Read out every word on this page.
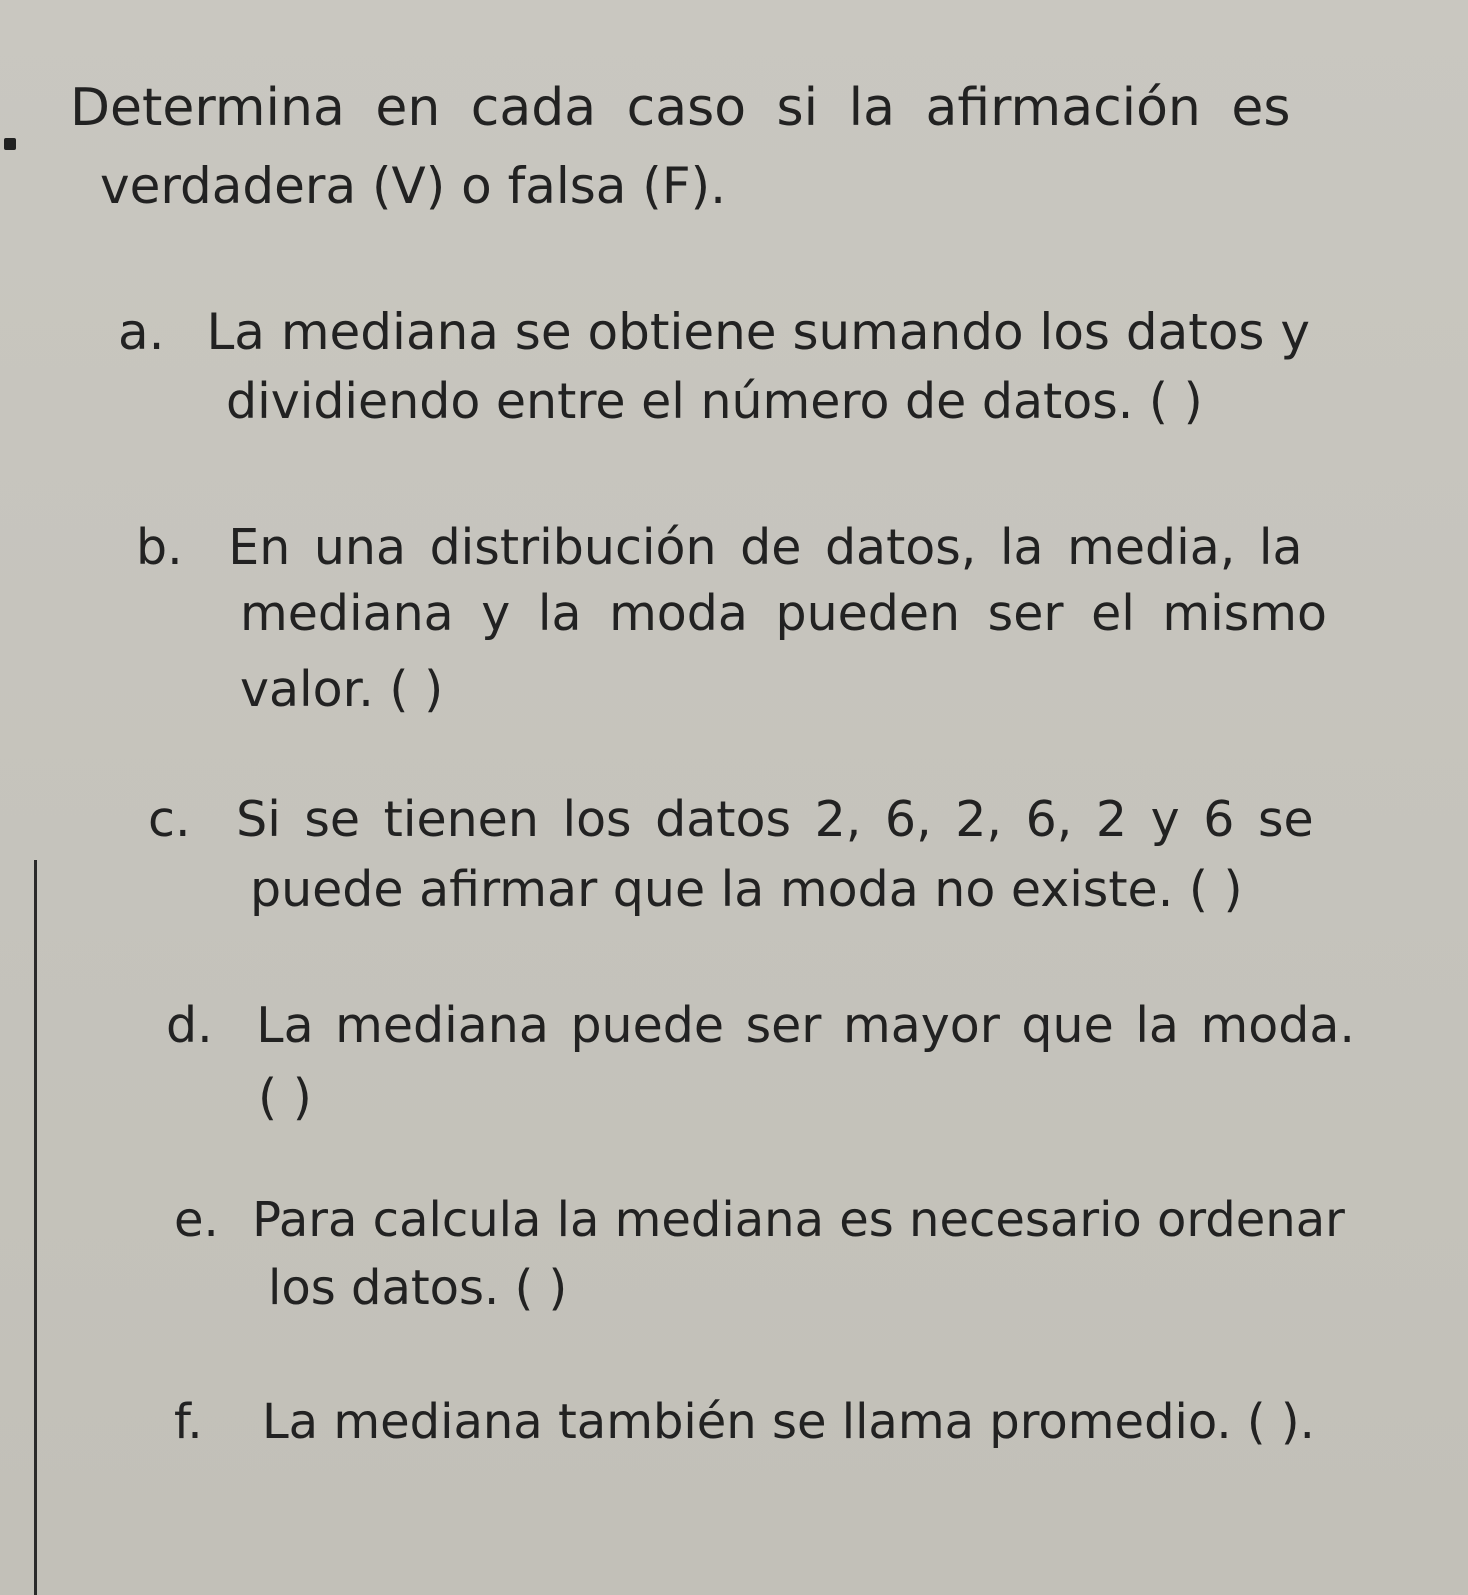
Determina en cada caso si la afirmación es
verdadera (V) o falsa (F).
a. La mediana se obtiene sumando los datos y
dividiendo entre el número de datos. ( )
b. En una distribución de datos, la media, la
mediana y la moda pueden ser el mismo
valor. ( )
c. Si se tienen los datos 2, 6, 2, 6, 2 y 6 se
puede afirmar que la moda no existe. ( )
d. La mediana puede ser mayor que la moda.
( )
e. Para calcula la mediana es necesario ordenar
los datos. ( )
f. La mediana también se llama promedio. ( ).
